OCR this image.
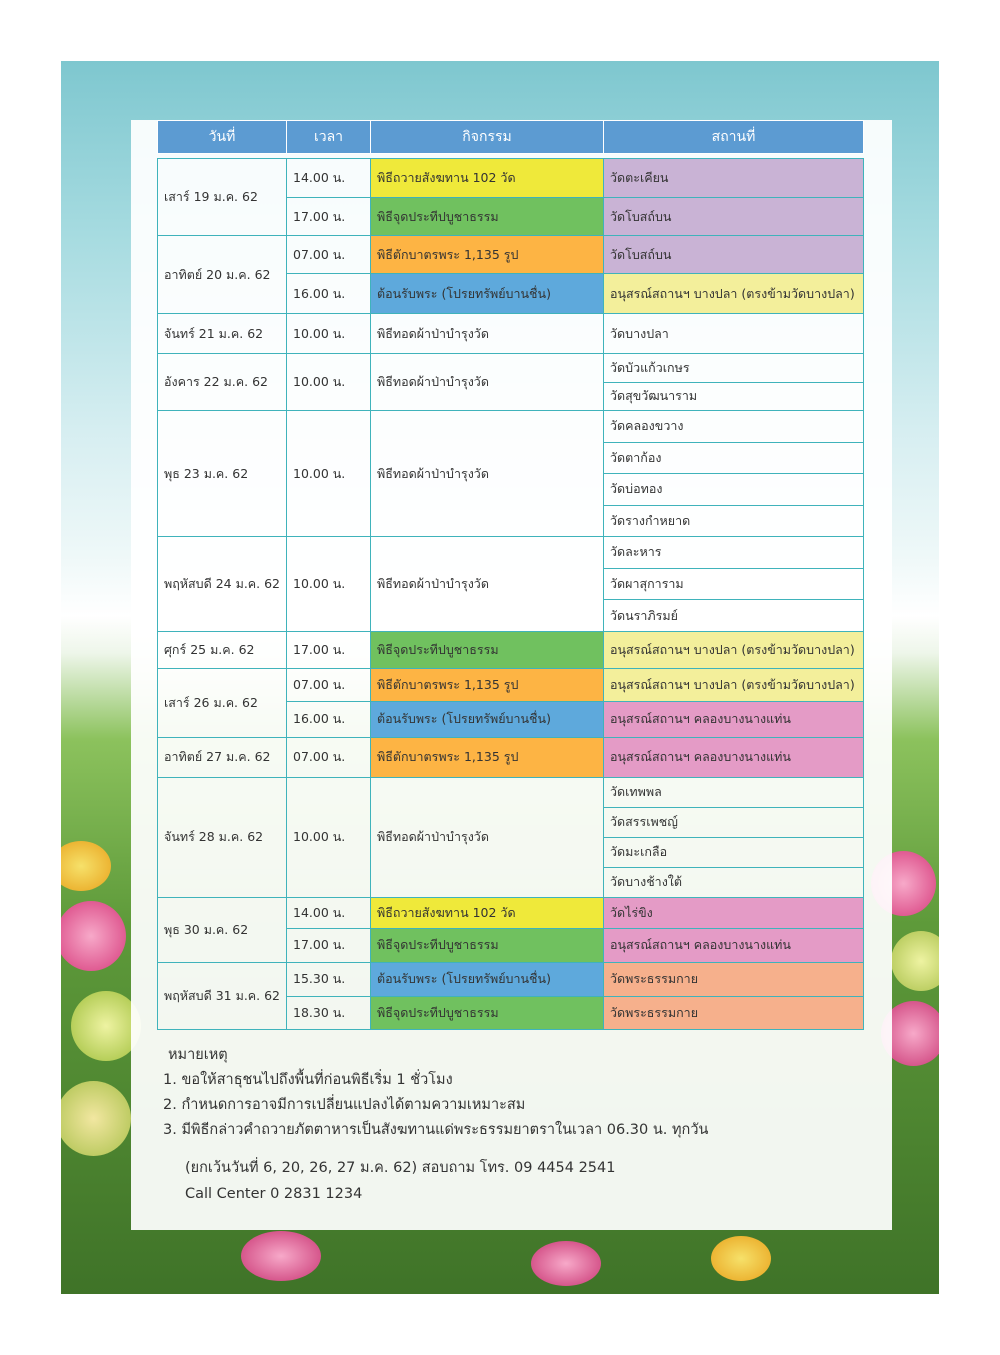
วันที่	เวลา	กิจกรรม	สถานที่

เสาร์ 19 ม.ค. 62	14.00 น.	พิธีถวายสังฆทาน 102 วัด	วัดตะเคียน
	17.00 น.	พิธีจุดประทีปบูชาธรรม	วัดโบสถ์บน
อาทิตย์ 20 ม.ค. 62	07.00 น.	พิธีตักบาตรพระ 1,135 รูป	วัดโบสถ์บน
	16.00 น.	ต้อนรับพระ (โปรยทรัพย์บานชื่น)	อนุสรณ์สถานฯ บางปลา (ตรงข้ามวัดบางปลา)
จันทร์ 21 ม.ค. 62	10.00 น.	พิธีทอดผ้าป่าบำรุงวัด	วัดบางปลา
อังคาร 22 ม.ค. 62	10.00 น.	พิธีทอดผ้าป่าบำรุงวัด	วัดบัวแก้วเกษร
			วัดสุขวัฒนาราม
พุธ 23 ม.ค. 62	10.00 น.	พิธีทอดผ้าป่าบำรุงวัด	วัดคลองขวาง
			วัดตาก้อง
			วัดบ่อทอง
			วัดรางกำหยาด
พฤหัสบดี 24 ม.ค. 62	10.00 น.	พิธีทอดผ้าป่าบำรุงวัด	วัดละหาร
			วัดผาสุการาม
			วัดนราภิรมย์
ศุกร์ 25 ม.ค. 62	17.00 น.	พิธีจุดประทีปบูชาธรรม	อนุสรณ์สถานฯ บางปลา (ตรงข้ามวัดบางปลา)
เสาร์ 26 ม.ค. 62	07.00 น.	พิธีตักบาตรพระ 1,135 รูป	อนุสรณ์สถานฯ บางปลา (ตรงข้ามวัดบางปลา)
	16.00 น.	ต้อนรับพระ (โปรยทรัพย์บานชื่น)	อนุสรณ์สถานฯ คลองบางนางแท่น
อาทิตย์ 27 ม.ค. 62	07.00 น.	พิธีตักบาตรพระ 1,135 รูป	อนุสรณ์สถานฯ คลองบางนางแท่น
จันทร์ 28 ม.ค. 62	10.00 น.	พิธีทอดผ้าป่าบำรุงวัด	วัดเทพพล
			วัดสรรเพชญ์
			วัดมะเกลือ
			วัดบางช้างใต้
พุธ 30 ม.ค. 62	14.00 น.	พิธีถวายสังฆทาน 102 วัด	วัดไร่ขิง
	17.00 น.	พิธีจุดประทีปบูชาธรรม	อนุสรณ์สถานฯ คลองบางนางแท่น
พฤหัสบดี 31 ม.ค. 62	15.30 น.	ต้อนรับพระ (โปรยทรัพย์บานชื่น)	วัดพระธรรมกาย
	18.30 น.	พิธีจุดประทีปบูชาธรรม	วัดพระธรรมกาย
หมายเหตุ
1. ขอให้สาธุชนไปถึงพื้นที่ก่อนพิธีเริ่ม 1 ชั่วโมง
2. กำหนดการอาจมีการเปลี่ยนแปลงได้ตามความเหมาะสม
3. มีพิธีกล่าวคำถวายภัตตาหารเป็นสังฆทานแด่พระธรรมยาตราในเวลา 06.30 น. ทุกวัน
(ยกเว้นวันที่ 6, 20, 26, 27 ม.ค. 62) สอบถาม โทร. 09 4454 2541
Call Center 0 2831 1234
